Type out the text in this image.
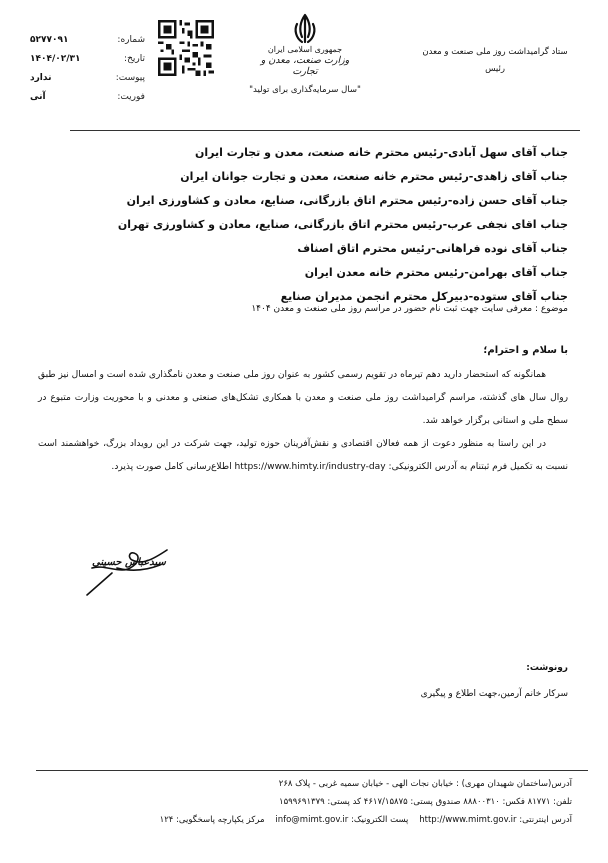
ستاد گرامیداشت روز ملی صنعت و معدن
رئیس
جمهوری اسلامی ایران
وزارت صنعت، معدن و تجارت
"سال سرمایه‌گذاری برای تولید"
شماره:
۵۲۷۷۰۹۱
تاریخ:
۱۴۰۴/۰۲/۳۱
پیوست:
ندارد
فوریت:
آنی
جناب آقای سهل آبادی-رئیس محترم خانه صنعت، معدن و تجارت ایران
جناب آقای زاهدی-رئیس محترم خانه صنعت، معدن و تجارت جوانان ایران
جناب آقای حسن زاده-رئیس محترم اتاق بازرگانی، صنایع، معادن و کشاورزی ایران
جناب اقای نجفی عرب-رئیس محترم اتاق بازرگانی، صنایع، معادن و کشاورزی تهران
جناب آقای نوده فراهانی-رئیس محترم اتاق اصناف
جناب آقای بهرامن-رئیس محترم خانه معدن ایران
جناب آقای ستوده-دبیرکل محترم انجمن مدیران صنایع
موضوع : معرفی سایت جهت ثبت نام حضور در مراسم روز ملی صنعت و معدن ۱۴۰۴
با سلام و احترام؛

همانگونه که استحضار دارید دهم تیرماه در تقویم رسمی کشور به عنوان روز ملی صنعت و معدن نامگذاری شده است و امسال نیز طبق روال سال های گذشته، مراسم گرامیداشت روز ملی صنعت و معدن با همکاری تشکل‌های صنعتی و معدنی و با محوریت وزارت متبوع در سطح ملی و استانی برگزار خواهد شد.

در این راستا به منظور دعوت از همه فعالان اقتصادی و نقش‌آفرینان حوزه تولید، جهت شرکت در این رویداد بزرگ، خواهشمند است نسبت به تکمیل فرم ثبتنام به آدرس الکترونیکی: https://www.himty.ir/industry-day اطلاع‌رسانی کامل صورت پذیرد.

سیدعباس حسینی
رونوشت:
سرکار خانم آرمین،جهت اطلاع و پیگیری
آدرس(ساختمان شهیدان مهری) : خیابان نجات الهی - خیابان سمیه غربی - پلاک ۲۶۸
تلفن: ۸۱۷۷۱ فکس: ۸۸۸۰۰۳۱۰ صندوق پستی: ۴۶۱۷/۱۵۸۷۵ کد پستی: ۱۵۹۹۶۹۱۳۷۹
آدرس اینترنتی: http://www.mimt.gov.ir    پست الکترونیک: info@mimt.gov.ir    مرکز یکپارچه پاسخگویی: ۱۲۴
